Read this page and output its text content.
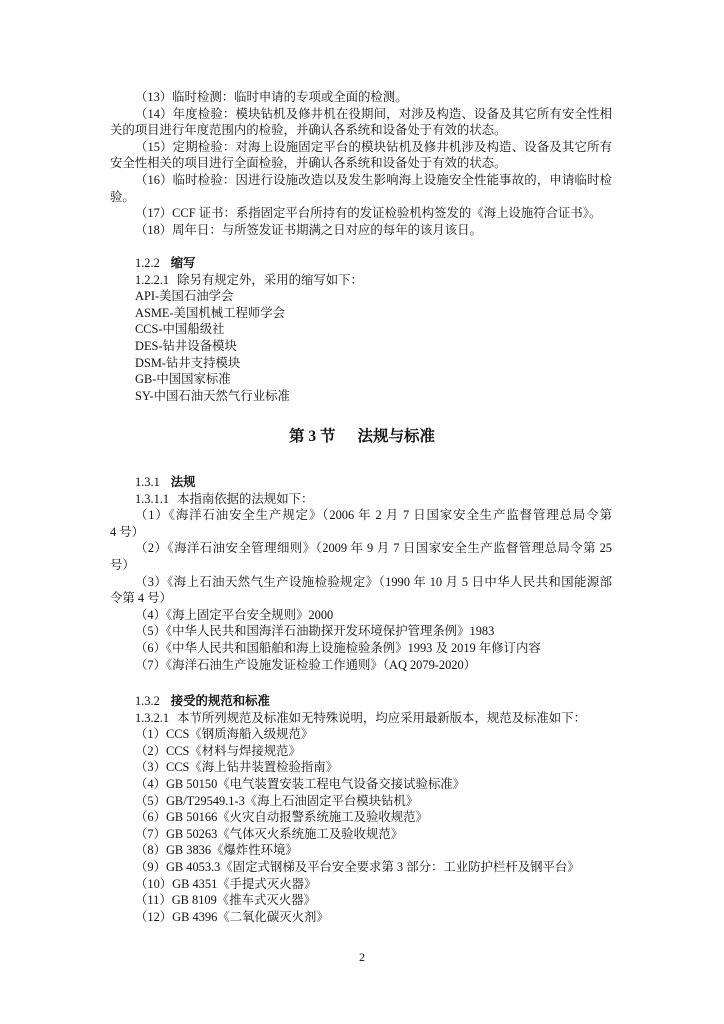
（13）临时检测：临时申请的专项或全面的检测。
（14）年度检验：模块钻机及修井机在役期间，对涉及构造、设备及其它所有安全性相
关的项目进行年度范围内的检验，并确认各系统和设备处于有效的状态。
（15）定期检验：对海上设施固定平台的模块钻机及修井机涉及构造、设备及其它所有
安全性相关的项目进行全面检验，并确认各系统和设备处于有效的状态。
（16）临时检验：因进行设施改造以及发生影响海上设施安全性能事故的，申请临时检
验。
（17）CCF 证书：系指固定平台所持有的发证检验机构签发的《海上设施符合证书》。
（18）周年日：与所签发证书期满之日对应的每年的该月该日。
1.2.2 缩写
1.2.2.1 除另有规定外，采用的缩写如下：
API-美国石油学会
ASME-美国机械工程师学会
CCS-中国船级社
DES-钻井设备模块
DSM-钻井支持模块
GB-中国国家标准
SY-中国石油天然气行业标准
第 3 节 法规与标准
1.3.1 法规
1.3.1.1 本指南依据的法规如下：
（1）《海洋石油安全生产规定》（2006 年 2 月 7 日国家安全生产监督管理总局令第
4 号）
（2）《海洋石油安全管理细则》（2009 年 9 月 7 日国家安全生产监督管理总局令第 25
号）
（3）《海上石油天然气生产设施检验规定》（1990 年 10 月 5 日中华人民共和国能源部
令第 4 号）
（4）《海上固定平台安全规则》2000
（5）《中华人民共和国海洋石油勘探开发环境保护管理条例》1983
（6）《中华人民共和国船舶和海上设施检验条例》1993 及 2019 年修订内容
（7）《海洋石油生产设施发证检验工作通则》（AQ 2079-2020）
1.3.2 接受的规范和标准
1.3.2.1 本节所列规范及标准如无特殊说明，均应采用最新版本，规范及标准如下：
（1）CCS《钢质海船入级规范》
（2）CCS《材料与焊接规范》
（3）CCS《海上钻井装置检验指南》
（4）GB 50150《电气装置安装工程电气设备交接试验标准》
（5）GB/T29549.1-3《海上石油固定平台模块钻机》
（6）GB 50166《火灾自动报警系统施工及验收规范》
（7）GB 50263《气体灭火系统施工及验收规范》
（8）GB 3836《爆炸性环境》
（9）GB 4053.3《固定式钢梯及平台安全要求第 3 部分：工业防护栏杆及钢平台》
（10）GB 4351《手提式灭火器》
（11）GB 8109《推车式灭火器》
（12）GB 4396《二氧化碳灭火剂》
2
